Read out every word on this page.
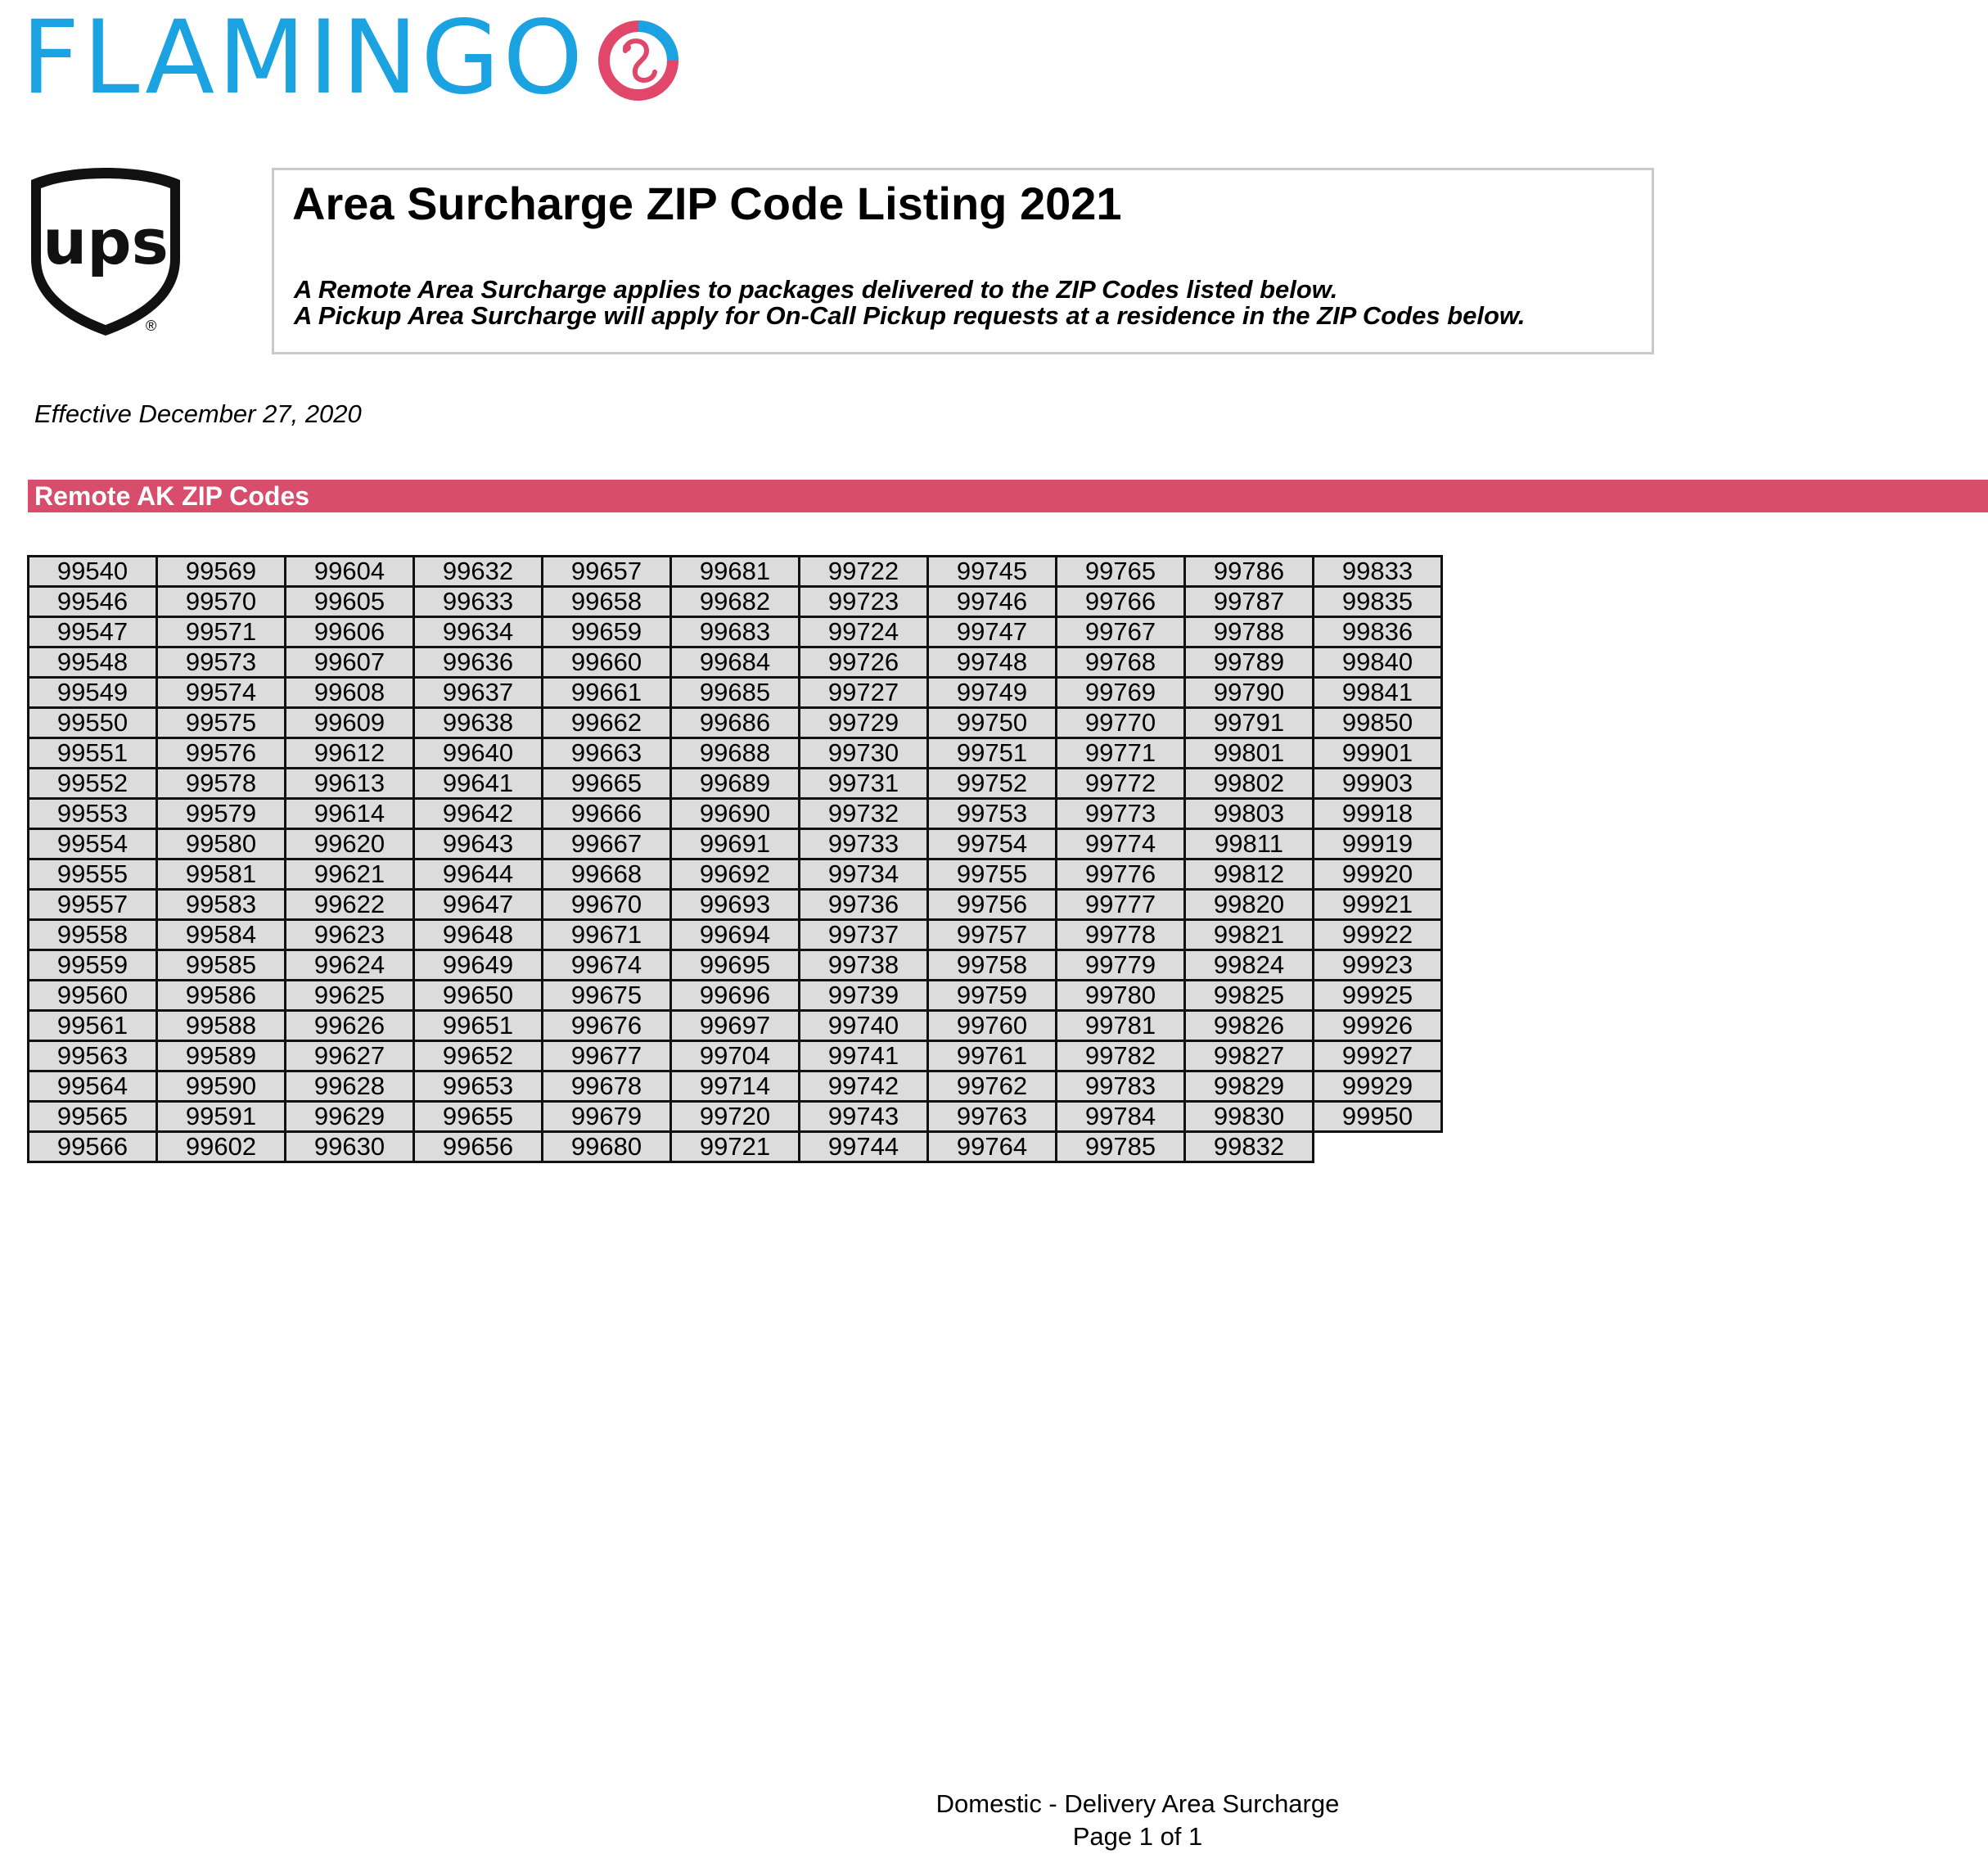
FLAMINGO
ups
®
Area Surcharge ZIP Code Listing 2021
A Remote Area Surcharge applies to packages delivered to the ZIP Codes listed below.
A Pickup Area Surcharge will apply for On-Call Pickup requests at a residence in the ZIP Codes below.
Effective December 27, 2020
Remote AK ZIP Codes
99540	99569	99604	99632	99657	99681	99722	99745	99765	99786	99833
99546	99570	99605	99633	99658	99682	99723	99746	99766	99787	99835
99547	99571	99606	99634	99659	99683	99724	99747	99767	99788	99836
99548	99573	99607	99636	99660	99684	99726	99748	99768	99789	99840
99549	99574	99608	99637	99661	99685	99727	99749	99769	99790	99841
99550	99575	99609	99638	99662	99686	99729	99750	99770	99791	99850
99551	99576	99612	99640	99663	99688	99730	99751	99771	99801	99901
99552	99578	99613	99641	99665	99689	99731	99752	99772	99802	99903
99553	99579	99614	99642	99666	99690	99732	99753	99773	99803	99918
99554	99580	99620	99643	99667	99691	99733	99754	99774	99811	99919
99555	99581	99621	99644	99668	99692	99734	99755	99776	99812	99920
99557	99583	99622	99647	99670	99693	99736	99756	99777	99820	99921
99558	99584	99623	99648	99671	99694	99737	99757	99778	99821	99922
99559	99585	99624	99649	99674	99695	99738	99758	99779	99824	99923
99560	99586	99625	99650	99675	99696	99739	99759	99780	99825	99925
99561	99588	99626	99651	99676	99697	99740	99760	99781	99826	99926
99563	99589	99627	99652	99677	99704	99741	99761	99782	99827	99927
99564	99590	99628	99653	99678	99714	99742	99762	99783	99829	99929
99565	99591	99629	99655	99679	99720	99743	99763	99784	99830	99950
99566	99602	99630	99656	99680	99721	99744	99764	99785	99832	
Domestic - Delivery Area Surcharge
Page 1 of 1
